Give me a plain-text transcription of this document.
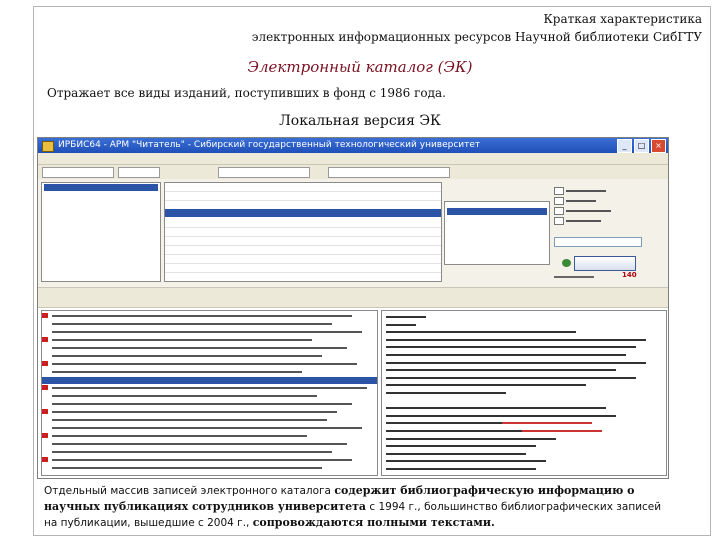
Краткая характеристика
электронных информационных ресурсов Научной библиотеки СибГТУ
Электронный каталог (ЭК)
Отражает все виды изданий, поступивших в фонд с 1986 года.
Локальная версия ЭК
ИРБИС64 - АРМ "Читатель" - Сибирский государственный технологический университет	_	□	×
140
Отдельный массив записей электронного каталога содержит библиографическую информацию о научных публикациях сотрудников университета с 1994 г., большинство библиографических записей на публикации, вышедшие с 2004 г., сопровождаются полными текстами.
